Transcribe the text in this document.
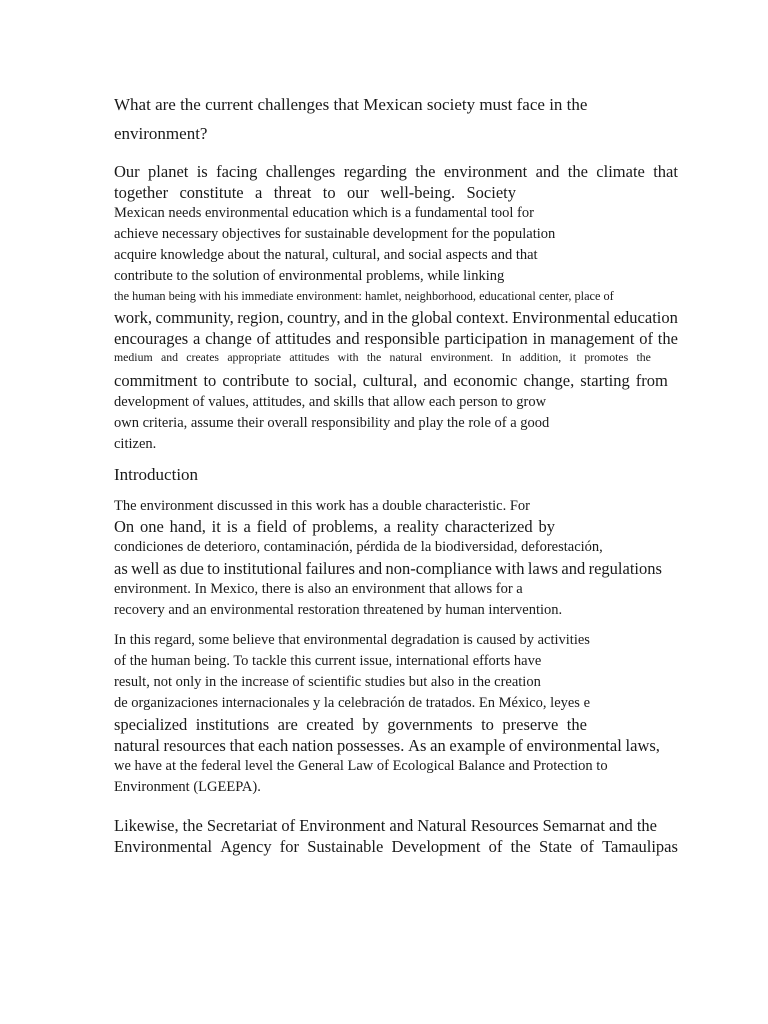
What are the current challenges that Mexican society must face in the
environment?
Our planet is facing challenges regarding the environment and the climate that
together constitute a threat to our well-being. Society
Mexican needs environmental education which is a fundamental tool for
achieve necessary objectives for sustainable development for the population
acquire knowledge about the natural, cultural, and social aspects and that
contribute to the solution of environmental problems, while linking
the human being with his immediate environment: hamlet, neighborhood, educational center, place of
work, community, region, country, and in the global context. Environmental education
encourages a change of attitudes and responsible participation in management of the
medium and creates appropriate attitudes with the natural environment. In addition, it promotes the
commitment to contribute to social, cultural, and economic change, starting from
development of values, attitudes, and skills that allow each person to grow
own criteria, assume their overall responsibility and play the role of a good
citizen.
Introduction
The environment discussed in this work has a double characteristic. For
On one hand, it is a field of problems, a reality characterized by
condiciones de deterioro, contaminación, pérdida de la biodiversidad, deforestación,
as well as due to institutional failures and non-compliance with laws and regulations
environment. In Mexico, there is also an environment that allows for a
recovery and an environmental restoration threatened by human intervention.
In this regard, some believe that environmental degradation is caused by activities
of the human being. To tackle this current issue, international efforts have
result, not only in the increase of scientific studies but also in the creation
de organizaciones internacionales y la celebración de tratados. En México, leyes e
specialized institutions are created by governments to preserve the
natural resources that each nation possesses. As an example of environmental laws,
we have at the federal level the General Law of Ecological Balance and Protection to
Environment (LGEEPA).
Likewise, the Secretariat of Environment and Natural Resources Semarnat and the
Environmental Agency for Sustainable Development of the State of Tamaulipas
